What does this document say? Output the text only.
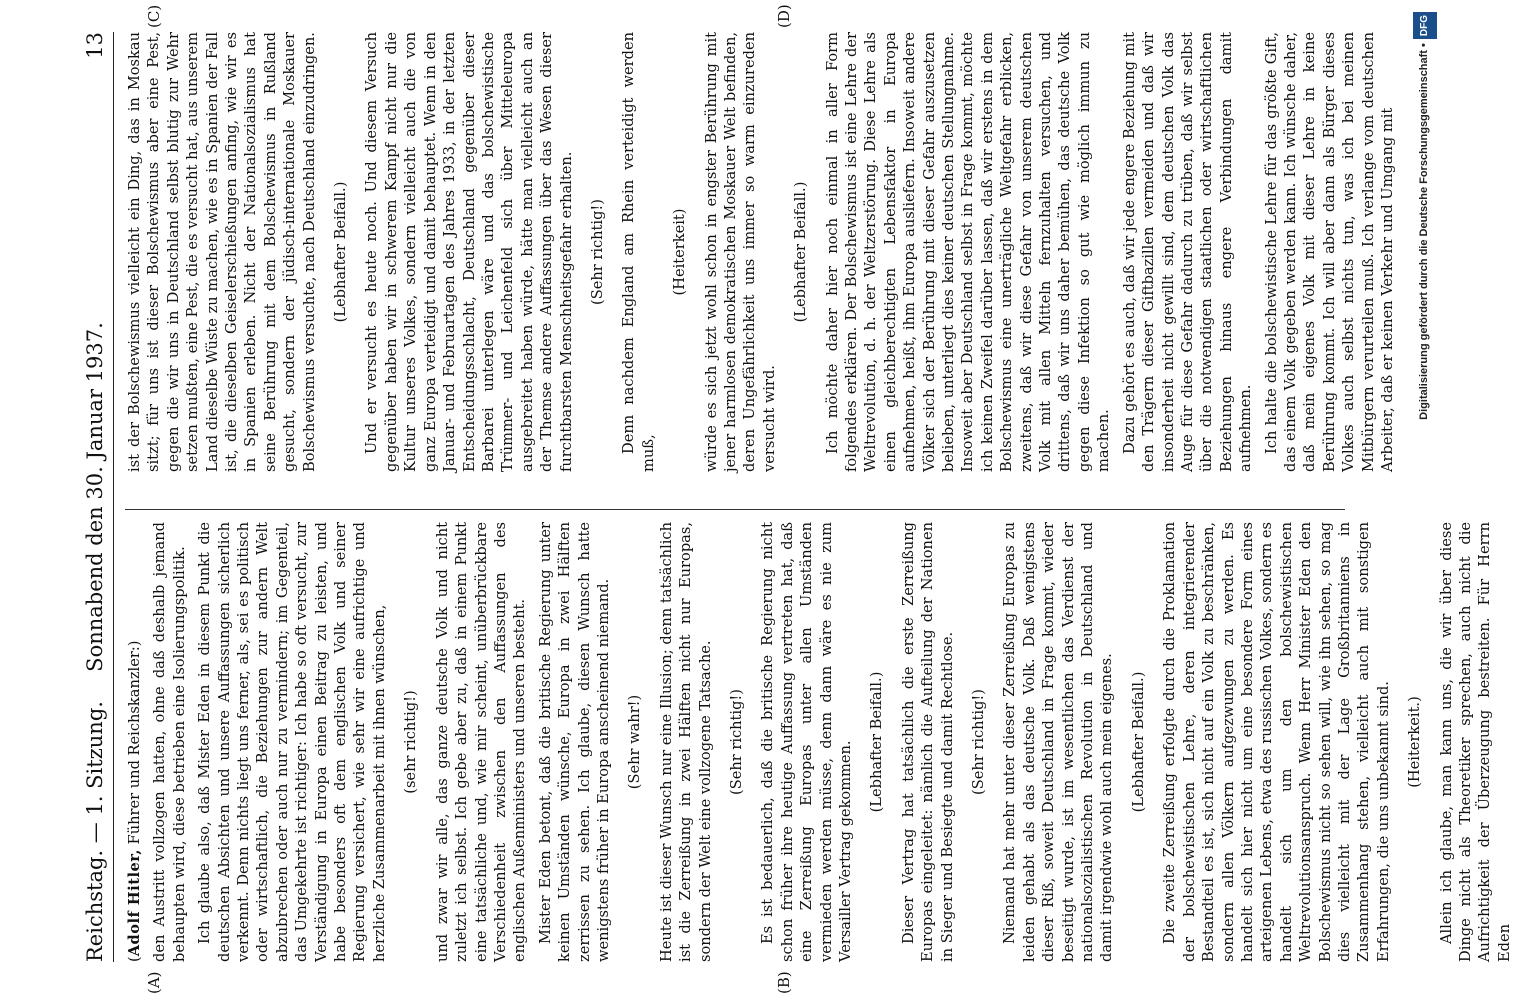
Reichstag. — 1. Sitzung.
Sonnabend den 30. Januar 1937.
13
(A)	(B)
(C)	(D)

(Adolf Hitler, Führer und Reichskanzler:) den Austritt vollzogen hatten, ohne daß deshalb jemand behaupten wird, diese betrieben eine Isolierungspolitik. Ich glaube also, daß Mister Eden in diesem Punkt die deutschen Absichten und unsere Auffassungen sicherlich verkennt. Denn nichts liegt uns ferner, als, sei es politisch oder wirtschaftlich, die Beziehungen zur andern Welt abzubrechen oder auch nur zu vermindern; im Gegenteil, das Umgekehrte ist richtiger: Ich habe so oft versucht, zur Verständigung in Europa einen Beitrag zu leisten, und habe besonders oft dem englischen Volk und seiner Regierung versichert, wie sehr wir eine aufrichtige und herzliche Zusammenarbeit mit ihnen wünschen, (sehr richtig!) und zwar wir alle, das ganze deutsche Volk und nicht zuletzt ich selbst. Ich gebe aber zu, daß in einem Punkt eine tatsächliche und, wie mir scheint, unüberbrückbare Verschiedenheit zwischen den Auffassungen des englischen Außenministers und unseren besteht. Mister Eden betont, daß die britische Regierung unter keinen Umständen wünsche, Europa in zwei Hälften zerrissen zu sehen. Ich glaube, diesen Wunsch hatte wenigstens früher in Europa anscheinend niemand. (Sehr wahr!) Heute ist dieser Wunsch nur eine Illusion; denn tatsächlich ist die Zerreißung in zwei Hälften nicht nur Europas, sondern der Welt eine vollzogene Tatsache. (Sehr richtig!) Es ist bedauerlich, daß die britische Regierung nicht schon früher ihre heutige Auffassung vertreten hat, daß eine Zerreißung Europas unter allen Umständen vermieden werden müsse, denn dann wäre es nie zum Versailler Vertrag gekommen. (Lebhafter Beifall.) Dieser Vertrag hat tatsächlich die erste Zerreißung Europas eingeleitet: nämlich die Aufteilung der Nationen in Sieger und Besiegte und damit Rechtlose. (Sehr richtig!) Niemand hat mehr unter dieser Zerreißung Europas zu leiden gehabt als das deutsche Volk. Daß wenigstens dieser Riß, soweit Deutschland in Frage kommt, wieder beseitigt wurde, ist im wesentlichen das Verdienst der nationalsozialistischen Revolution in Deutschland und damit irgendwie wohl auch mein eigenes. (Lebhafter Beifall.) Die zweite Zerreißung erfolgte durch die Proklamation der bolschewistischen Lehre, deren integrierender Bestandteil es ist, sich nicht auf ein Volk zu beschränken, sondern allen Völkern aufgezwungen zu werden. Es handelt sich hier nicht um eine besondere Form eines arteigenen Lebens, etwa des russischen Volkes, sondern es handelt sich um den bolschewistischen Weltrevolutionsanspruch. Wenn Herr Minister Eden den Bolschewismus nicht so sehen will, wie ihn sehen, so mag dies vielleicht mit der Lage Großbritanniens in Zusammenhang stehen, vielleicht auch mit sonstigen Erfahrungen, die uns unbekannt sind. (Heiterkeit.) Allein ich glaube, man kann uns, die wir über diese Dinge nicht als Theoretiker sprechen, auch nicht die Aufrichtigkeit der Überzeugung bestreiten. Für Herrn Eden

ist der Bolschewismus vielleicht ein Ding, das in Moskau sitzt; für uns ist dieser Bolschewismus aber eine Pest, gegen die wir uns in Deutschland selbst blutig zur Wehr setzen mußten, eine Pest, die es versucht hat, aus unserem Land dieselbe Wüste zu machen, wie es in Spanien der Fall ist, die dieselben Geiselerschießungen anfing, wie wir es in Spanien erleben. Nicht der Nationalsozialismus hat seine Berührung mit dem Bolschewismus in Rußland gesucht, sondern der jüdisch-internationale Moskauer Bolschewismus versuchte, nach Deutschland einzudringen. (Lebhafter Beifall.) Und er versucht es heute noch. Und diesem Versuch gegenüber haben wir in schwerem Kampf nicht nur die Kultur unseres Volkes, sondern vielleicht auch die von ganz Europa verteidigt und damit behauptet. Wenn in den Januar- und Februartagen des Jahres 1933, in der letzten Entscheidungsschlacht, Deutschland gegenüber dieser Barbarei unterlegen wäre und das bolschewistische Trümmer- und Leichenfeld sich über Mitteleuropa ausgebreitet haben würde, hätte man vielleicht auch an der Themse andere Auffassungen über das Wesen dieser furchtbarsten Menschheitsgefahr erhalten. (Sehr richtig!) Denn nachdem England am Rhein verteidigt werden muß,

(Heiterkeit) würde es sich jetzt wohl schon in engster Berührung mit jener harmlosen demokratischen Moskauer Welt befinden, deren Ungefährlichkeit uns immer so warm einzureden versucht wird.

(Lebhafter Beifall.) Ich möchte daher hier noch einmal in aller Form folgendes erklären. Der Bolschewismus ist eine Lehre der Weltrevolution, d. h. der Weltzerstörung. Diese Lehre als einen gleichberechtigten Lebensfaktor in Europa aufnehmen, heißt, ihm Europa ausliefern. Insoweit andere Völker sich der Berührung mit dieser Gefahr auszusetzen belieben, unterliegt dies keiner deutschen Stellungnahme. Insoweit aber Deutschland selbst in Frage kommt, möchte ich keinen Zweifel darüber lassen, daß wir erstens in dem Bolschewismus eine unerträgliche Weltgefahr erblicken, zweitens, daß wir diese Gefahr von unserem deutschen Volk mit allen Mitteln fernzuhalten versuchen, und drittens, daß wir uns daher bemühen, das deutsche Volk gegen diese Infektion so gut wie möglich immun zu machen. Dazu gehört es auch, daß wir jede engere Beziehung mit den Trägern dieser Giftbazillen vermeiden und daß wir insonderheit nicht gewillt sind, dem deutschen Volk das Auge für diese Gefahr dadurch zu trüben, daß wir selbst über die notwendigen staatlichen oder wirtschaftlichen Beziehungen hinaus engere Verbindungen damit aufnehmen. Ich halte die bolschewistische Lehre für das größte Gift, das einem Volk gegeben werden kann. Ich wünsche daher, daß mein eigenes Volk mit dieser Lehre in keine Berührung kommt. Ich will aber dann als Bürger dieses Volkes auch selbst nichts tun, was ich bei meinen Mitbürgern verurteilen muß. Ich verlange vom deutschen Arbeiter, daß er keinen Verkehr und Umgang mit	Digitalisierung gefördert durch die Deutsche Forschungsgemeinschaft •DFG
